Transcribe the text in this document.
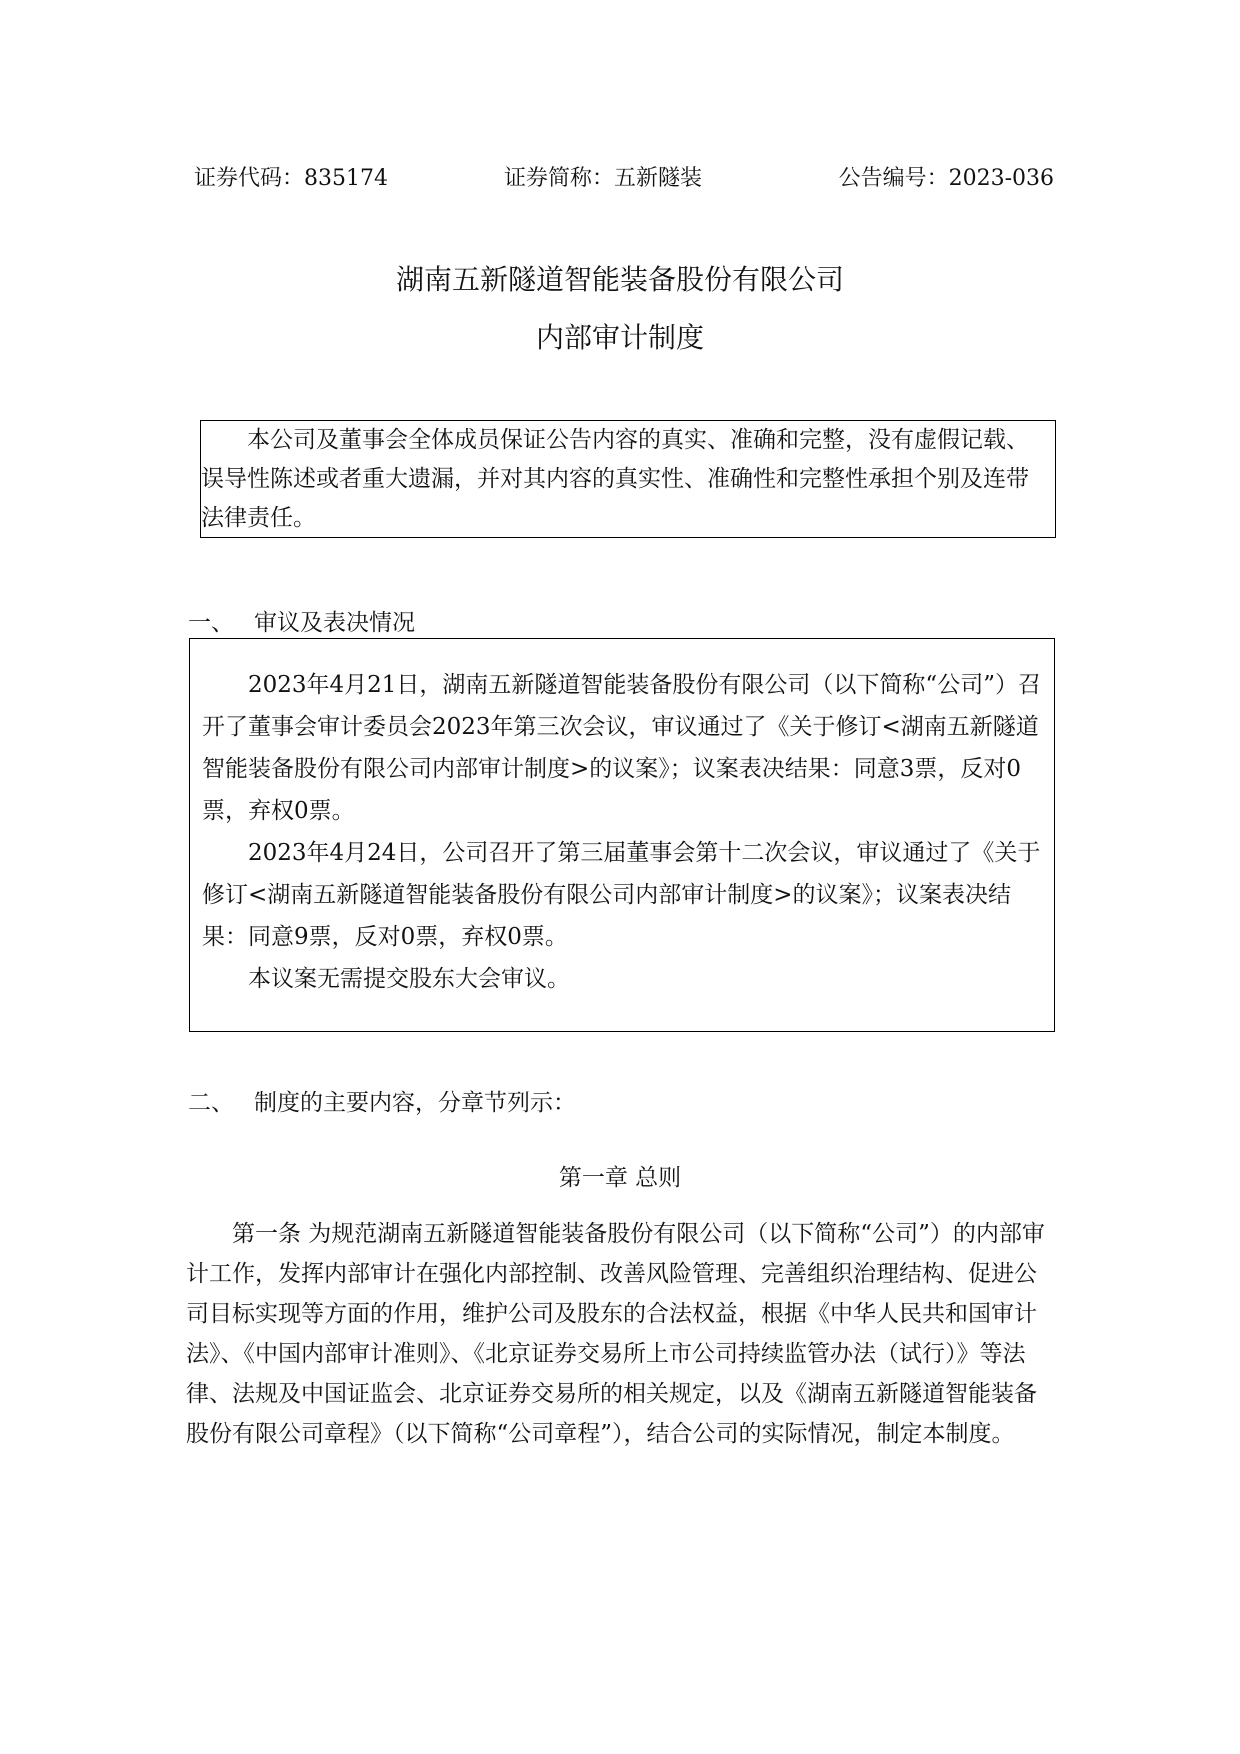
证券代码：835174	证券简称：五新隧装	公告编号：2023-036
湖南五新隧道智能装备股份有限公司
内部审计制度

本公司及董事会全体成员保证公告内容的真实、准确和完整，没有虚假记载、误导性陈述或者重大遗漏，并对其内容的真实性、准确性和完整性承担个别及连带法律责任。

一、 审议及表决情况

2023年4月21日，湖南五新隧道智能装备股份有限公司（以下简称“公司”）召开了董事会审计委员会2023年第三次会议，审议通过了《关于修订<湖南五新隧道智能装备股份有限公司内部审计制度>的议案》；议案表决结果：同意3票，反对0票，弃权0票。

2023年4月24日，公司召开了第三届董事会第十二次会议，审议通过了《关于修订<湖南五新隧道智能装备股份有限公司内部审计制度>的议案》；议案表决结果：同意9票，反对0票，弃权0票。

本议案无需提交股东大会审议。

二、 制度的主要内容，分章节列示：
第一章 总则

第一条 为规范湖南五新隧道智能装备股份有限公司（以下简称“公司”）的内部审计工作，发挥内部审计在强化内部控制、改善风险管理、完善组织治理结构、促进公司目标实现等方面的作用，维护公司及股东的合法权益，根据《中华人民共和国审计法》、《中国内部审计准则》、《北京证券交易所上市公司持续监管办法（试行）》等法律、法规及中国证监会、北京证券交易所的相关规定，以及《湖南五新隧道智能装备股份有限公司章程》（以下简称“公司章程”），结合公司的实际情况，制定本制度。
